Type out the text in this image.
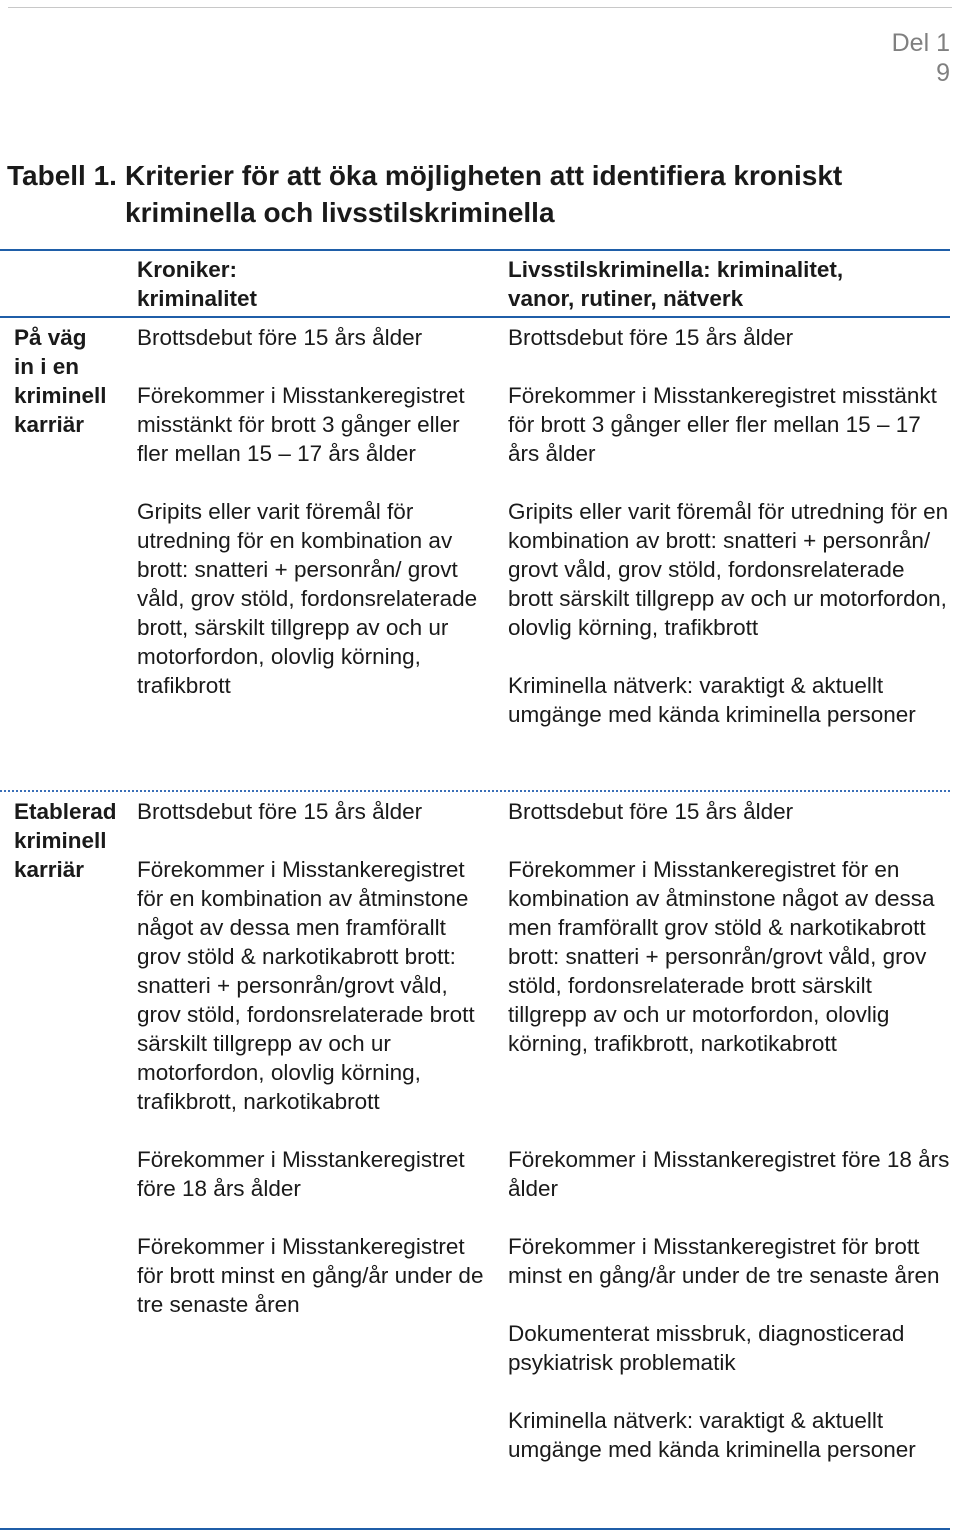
Del 1
9
Tabell 1. Kriterier för att öka möjligheten att identifiera kroniskt kriminella och livsstilskriminella
Kroniker:
kriminalitet
Livsstilskriminella: kriminalitet,
vanor, rutiner, nätverk
På väg
in i en
kriminell
karriär

Brottsdebut före 15 års ålder

Förekommer i Misstankeregistret misstänkt för brott 3 gånger eller fler mellan 15 – 17 års ålder

Gripits eller varit föremål för utredning för en kombination av brott: snatteri + personrån/ grovt våld, grov stöld, fordonsrelaterade brott, särskilt tillgrepp av och ur motorfordon, olovlig körning, trafikbrott

Brottsdebut före 15 års ålder

Förekommer i Misstankeregistret misstänkt för brott 3 gånger eller fler mellan 15 – 17 års ålder

Gripits eller varit föremål för utredning för en kombination av brott: snatteri + personrån/ grovt våld, grov stöld, fordonsrelaterade brott särskilt tillgrepp av och ur motorfordon, olovlig körning, trafikbrott

Kriminella nätverk: varaktigt & aktuellt umgänge med kända kriminella personer

Etablerad
kriminell
karriär

Brottsdebut före 15 års ålder

Förekommer i Misstankeregistret för en kombination av åtminstone något av dessa men framförallt grov stöld & narkotikabrott brott: snatteri + personrån/grovt våld, grov stöld, fordonsrelaterade brott särskilt tillgrepp av och ur motorfordon, olovlig körning, trafikbrott, narkotikabrott

Förekommer i Misstankeregistret före 18 års ålder

Förekommer i Misstankeregistret för brott minst en gång/år under de tre senaste åren

Brottsdebut före 15 års ålder

Förekommer i Misstankeregistret för en kombination av åtminstone något av dessa men framförallt grov stöld & narkotikabrott brott: snatteri + personrån/grovt våld, grov stöld, fordonsrelaterade brott särskilt tillgrepp av och ur motorfordon, olovlig körning, trafikbrott, narkotikabrott

Förekommer i Misstankeregistret före 18 års ålder

Förekommer i Misstankeregistret för brott minst en gång/år under de tre senaste åren

Dokumenterat missbruk, diagnosticerad psykiatrisk problematik

Kriminella nätverk: varaktigt & aktuellt umgänge med kända kriminella personer
